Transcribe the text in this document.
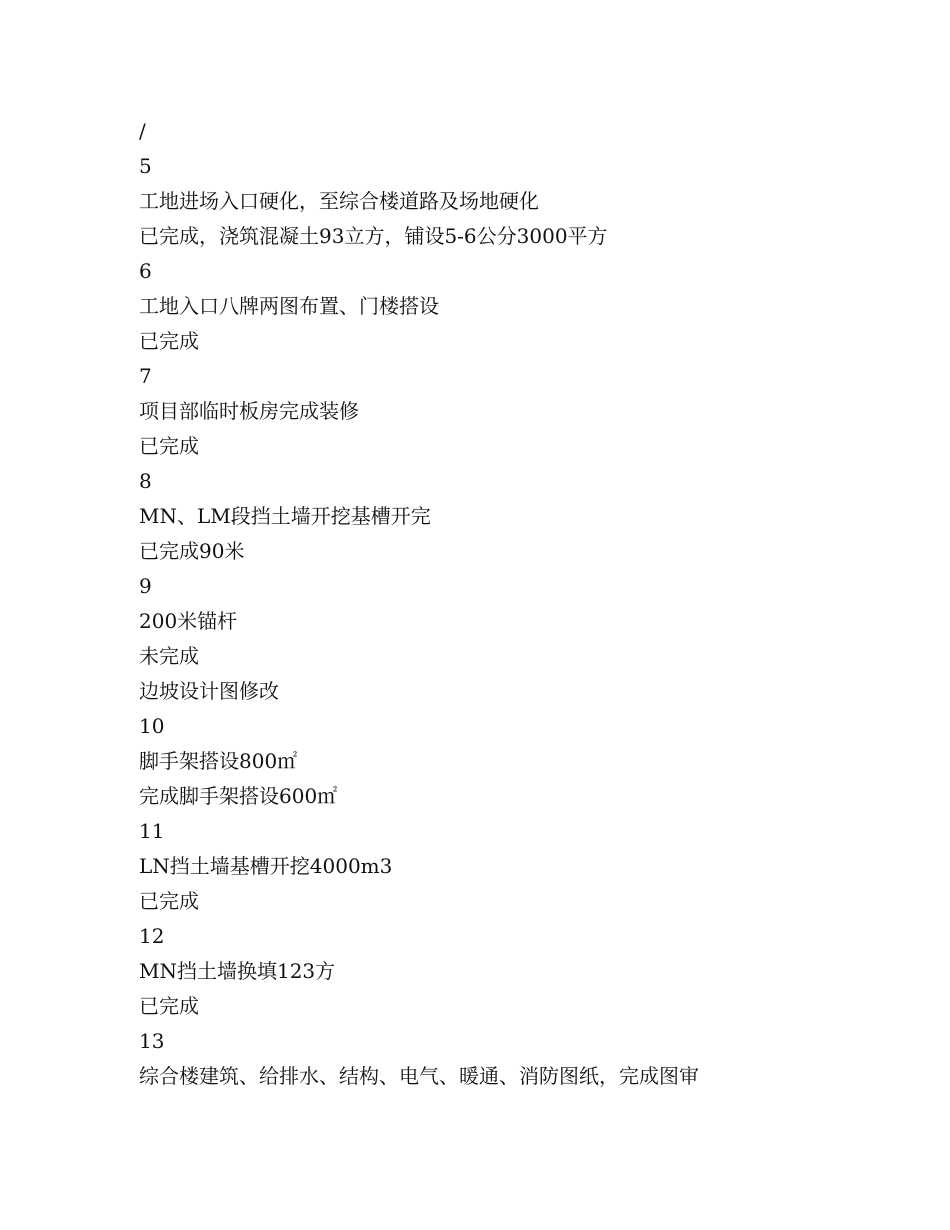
/
5
工地进场入口硬化，至综合楼道路及场地硬化
已完成，浇筑混凝土93立方，铺设5-6公分3000平方
6
工地入口八牌两图布置、门楼搭设
已完成
7
项目部临时板房完成装修
已完成
8
MN、LM段挡土墙开挖基槽开完
已完成90米
9
200米锚杆
未完成
边坡设计图修改
10
脚手架搭设800㎡
完成脚手架搭设600㎡
11
LN挡土墙基槽开挖4000m3
已完成
12
MN挡土墙换填123方
已完成
13
综合楼建筑、给排水、结构、电气、暖通、消防图纸，完成图审
